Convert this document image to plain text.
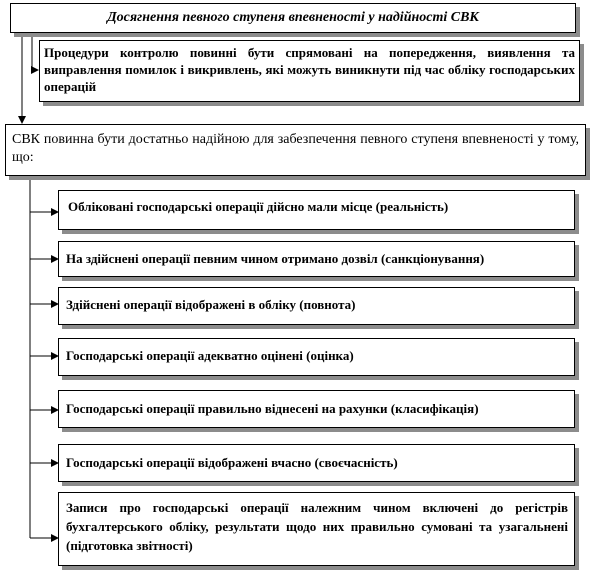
Досягнення певного ступеня впевненості у надійності СВК
Процедури контролю повинні бути спрямовані на попередження, виявлення та виправлення помилок і викривлень, які можуть виникнути під час обліку господарських операцій
СВК повинна бути достатньо надійною для забезпечення певного ступеня впевненості у тому, що:
Обліковані господарські операції дійсно мали місце (реальність)
На здійснені операції певним чином отримано дозвіл (санкціонування)
Здійснені операції відображені в обліку (повнота)
Господарські операції адекватно оцінені (оцінка)
Господарські операції правильно віднесені на рахунки (класифікація)
Господарські операції відображені вчасно (своєчасність)
Записи про господарські операції належним чином включені до регістрів бухгалтерського обліку, результати щодо них правильно сумовані та узагальнені (підготовка звітності)
